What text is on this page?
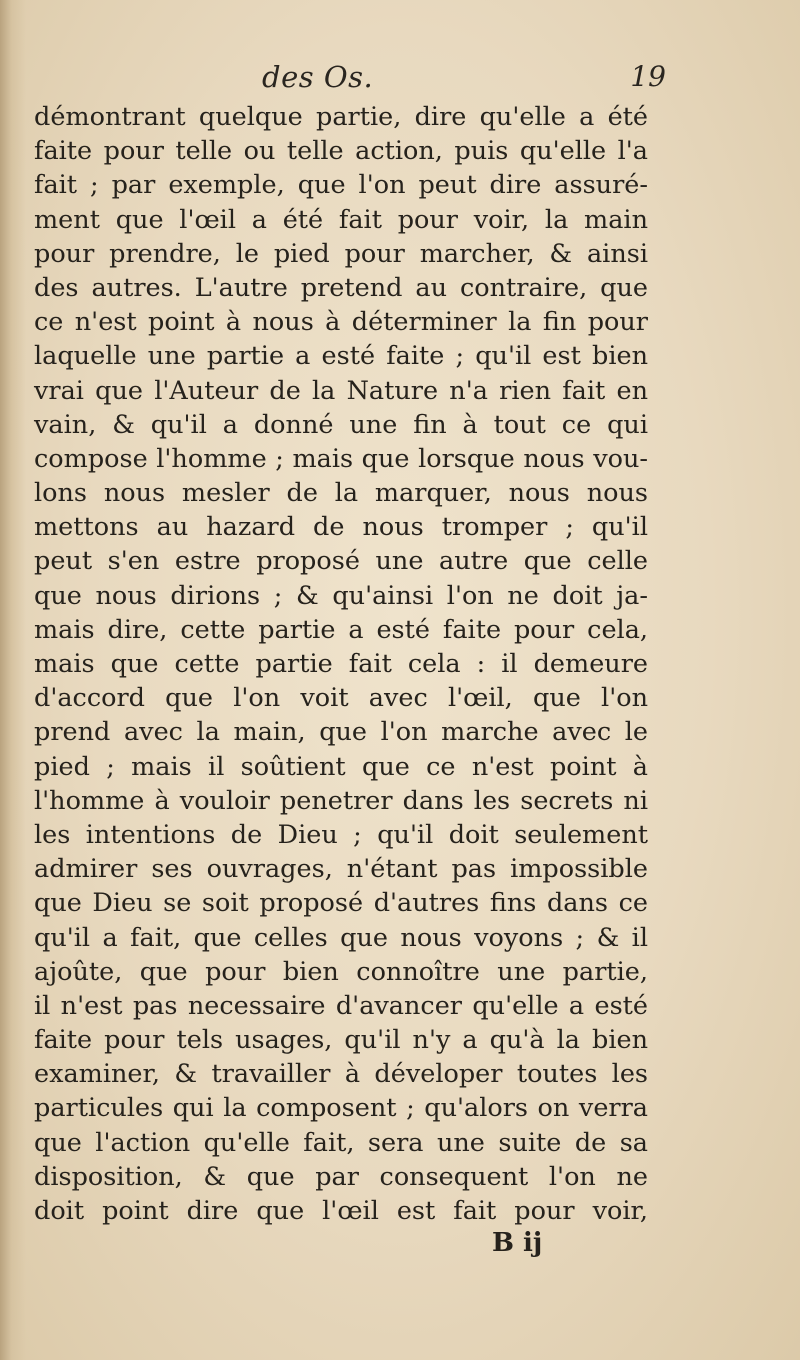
des Os.	19
démontrant quelque partie, dire qu'elle a été
faite pour telle ou telle action, puis qu'elle l'a
fait ; par exemple, que l'on peut dire assuré-
ment que l'œil a été fait pour voir, la main
pour prendre, le pied pour marcher, & ainsi
des autres. L'autre pretend au contraire, que
ce n'est point à nous à déterminer la fin pour
laquelle une partie a esté faite ; qu'il est bien
vrai que l'Auteur de la Nature n'a rien fait en
vain, & qu'il a donné une fin à tout ce qui
compose l'homme ; mais que lorsque nous vou-
lons nous mesler de la marquer, nous nous
mettons au hazard de nous tromper ; qu'il
peut s'en estre proposé une autre que celle
que nous dirions ; & qu'ainsi l'on ne doit ja-
mais dire, cette partie a esté faite pour cela,
mais que cette partie fait cela : il demeure
d'accord que l'on voit avec l'œil, que l'on
prend avec la main, que l'on marche avec le
pied ; mais il soûtient que ce n'est point à
l'homme à vouloir penetrer dans les secrets ni
les intentions de Dieu ; qu'il doit seulement
admirer ses ouvrages, n'étant pas impossible
que Dieu se soit proposé d'autres fins dans ce
qu'il a fait, que celles que nous voyons ; & il
ajoûte, que pour bien connoître une partie,
il n'est pas necessaire d'avancer qu'elle a esté
faite pour tels usages, qu'il n'y a qu'à la bien
examiner, & travailler à déveloper toutes les
particules qui la composent ; qu'alors on verra
que l'action qu'elle fait, sera une suite de sa
disposition, & que par consequent l'on ne
doit point dire que l'œil est fait pour voir,
B ij
